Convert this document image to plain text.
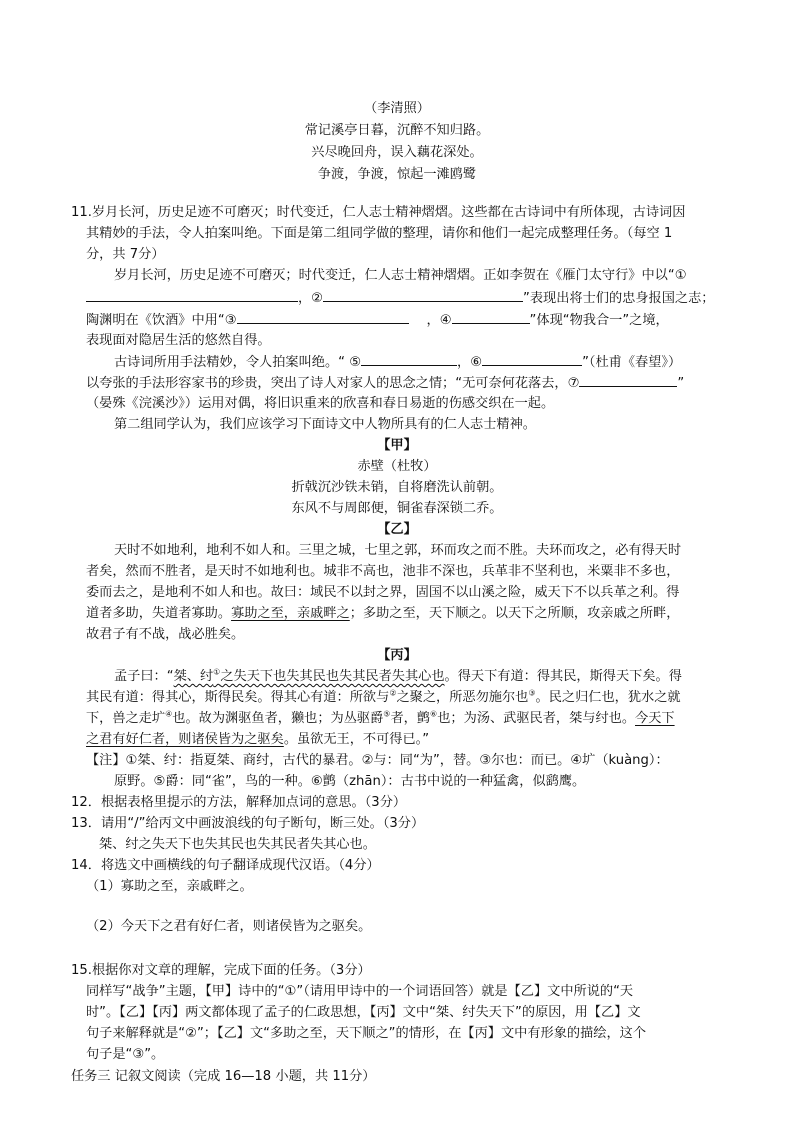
（李清照）
常记溪亭日暮，沉醉不知归路。
兴尽晚回舟，误入藕花深处。
争渡，争渡，惊起一滩鸥鹭
11.岁月长河，历史足迹不可磨灭；时代变迁，仁人志士精神熠熠。这些都在古诗词中有所体现，古诗词因
其精妙的手法，令人拍案叫绝。下面是第二组同学做的整理，请你和他们一起完成整理任务。（每空 1
分，共 7分）
岁月长河，历史足迹不可磨灭；时代变迁，仁人志士精神熠熠。正如李贺在《雁门太守行》中以“①
，②	”表现出将士们的忠身报国之志；
陶渊明在《饮酒》中用“③	，④	”体现“物我合一”之境，
表现面对隐居生活的悠然自得。
古诗词所用手法精妙，令人拍案叫绝。“ ⑤	，⑥	”（杜甫《春望》）
以夸张的手法形容家书的珍贵，突出了诗人对家人的思念之情；“无可奈何花落去，⑦	”
（晏殊《浣溪沙》）运用对偶，将旧识重来的欣喜和春日易逝的伤感交织在一起。
第二组同学认为，我们应该学习下面诗文中人物所具有的仁人志士精神。
【甲】
赤壁（杜牧）
折戟沉沙铁未销，自将磨洗认前朝。
东风不与周郎便，铜雀春深锁二乔。
【乙】
天时不如地利，地利不如人和。三里之城，七里之郭，环而攻之而不胜。夫环而攻之，必有得天时
者矣，然而不胜者，是天时不如地利也。城非不高也，池非不深也，兵革非不坚利也，米粟非不多也，
委而去之，是地利不如人和也。故曰：域民不以封之界，固国不以山溪之险，威天下不以兵革之利。得
道者多助，失道者寡助。寡助之至，亲戚畔之；多助之至，天下顺之。以天下之所顺，攻亲戚之所畔，
故君子有不战，战必胜矣。
【丙】
孟子曰：“桀、纣①之失天下也失其民也失其民者失其心也。得天下有道：得其民，斯得天下矣。得
其民有道：得其心，斯得民矣。得其心有道：所欲与②之聚之，所恶勿施尔也③。民之归仁也，犹水之就
下，兽之走圹④也。故为渊驱鱼者，獭也；为丛驱爵⑤者，鹯⑥也；为汤、武驱民者，桀与纣也。今天下
之君有好仁者，则诸侯皆为之驱矣。虽欲无王，不可得已。”
【注】①桀、纣：指夏桀、商纣，古代的暴君。②与：同“为”，替。③尔也：而已。④圹（kuàng）：
原野。⑤爵：同“雀”，鸟的一种。⑥鹯（zhān）：古书中说的一种猛禽，似鹞鹰。
12．根据表格里提示的方法，解释加点词的意思。（3分）
13．请用“/”给丙文中画波浪线的句子断句，断三处。（3分）
桀、纣之失天下也失其民也失其民者失其心也。
14．将选文中画横线的句子翻译成现代汉语。（4分）
（1）寡助之至，亲戚畔之。
（2）今天下之君有好仁者，则诸侯皆为之驱矣。
15.根据你对文章的理解，完成下面的任务。（3分）
同样写“战争”主题，【甲】诗中的“①”（请用甲诗中的一个词语回答）就是【乙】文中所说的“天
时”。【乙】【丙】两文都体现了孟子的仁政思想，【丙】文中“桀、纣失天下”的原因，用【乙】文
句子来解释就是“②”；【乙】文“多助之至，天下顺之”的情形，在【丙】文中有形象的描绘，这个
句子是“③”。
任务三 记叙文阅读（完成 16—18 小题，共 11分）
